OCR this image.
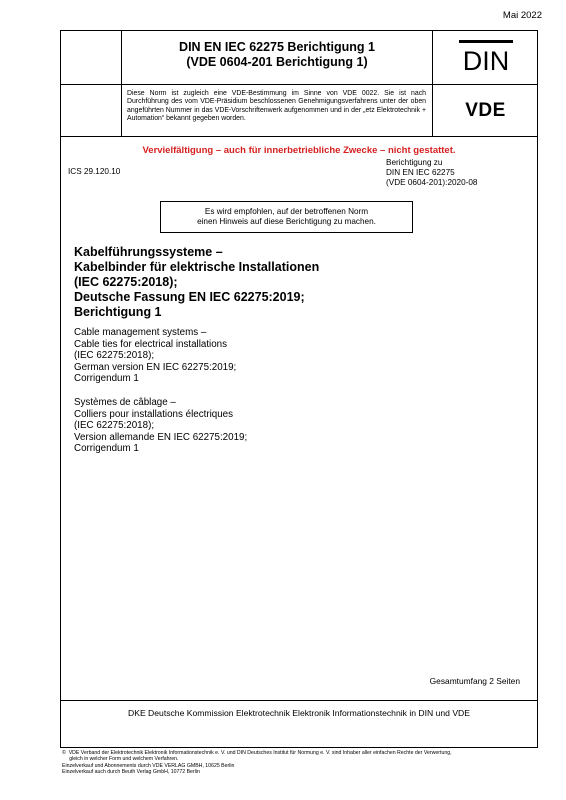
Mai 2022
DIN EN IEC 62275 Berichtigung 1
(VDE 0604-201 Berichtigung 1)	DIN
VDE
Diese Norm ist zugleich eine VDE-Bestimmung im Sinne von VDE 0022. Sie ist nach Durchführung des vom VDE-Präsidium beschlossenen Genehmigungsverfahrens unter der oben angeführten Nummer in das VDE-Vorschriftenwerk aufgenommen und in der „etz Elektrotechnik + Automation“ bekannt gegeben worden.
Vervielfältigung – auch für innerbetriebliche Zwecke – nicht gestattet.
ICS 29.120.10
Berichtigung zu
DIN EN IEC 62275
(VDE 0604-201):2020-08
Es wird empfohlen, auf der betroffenen Norm
einen Hinweis auf diese Berichtigung zu machen.
Kabelführungssysteme –
Kabelbinder für elektrische Installationen
(IEC 62275:2018);
Deutsche Fassung EN IEC 62275:2019;
Berichtigung 1
Cable management systems –
Cable ties for electrical installations
(IEC 62275:2018);
German version EN IEC 62275:2019;
Corrigendum 1
Systèmes de câblage –
Colliers pour installations électriques
(IEC 62275:2018);
Version allemande EN IEC 62275:2019;
Corrigendum 1
Gesamtumfang 2 Seiten
DKE Deutsche Kommission Elektrotechnik Elektronik Informationstechnik in DIN und VDE
©  VDE Verband der Elektrotechnik Elektronik Informationstechnik e. V. und DIN Deutsches Institut für Normung e. V. sind Inhaber aller einfachen Rechte der Verwertung,
gleich in welcher Form und welchem Verfahren.
Einzelverkauf und Abonnements durch VDE VERLAG GMBH, 10625 Berlin
Einzelverkauf auch durch Beuth Verlag GmbH, 10772 Berlin
